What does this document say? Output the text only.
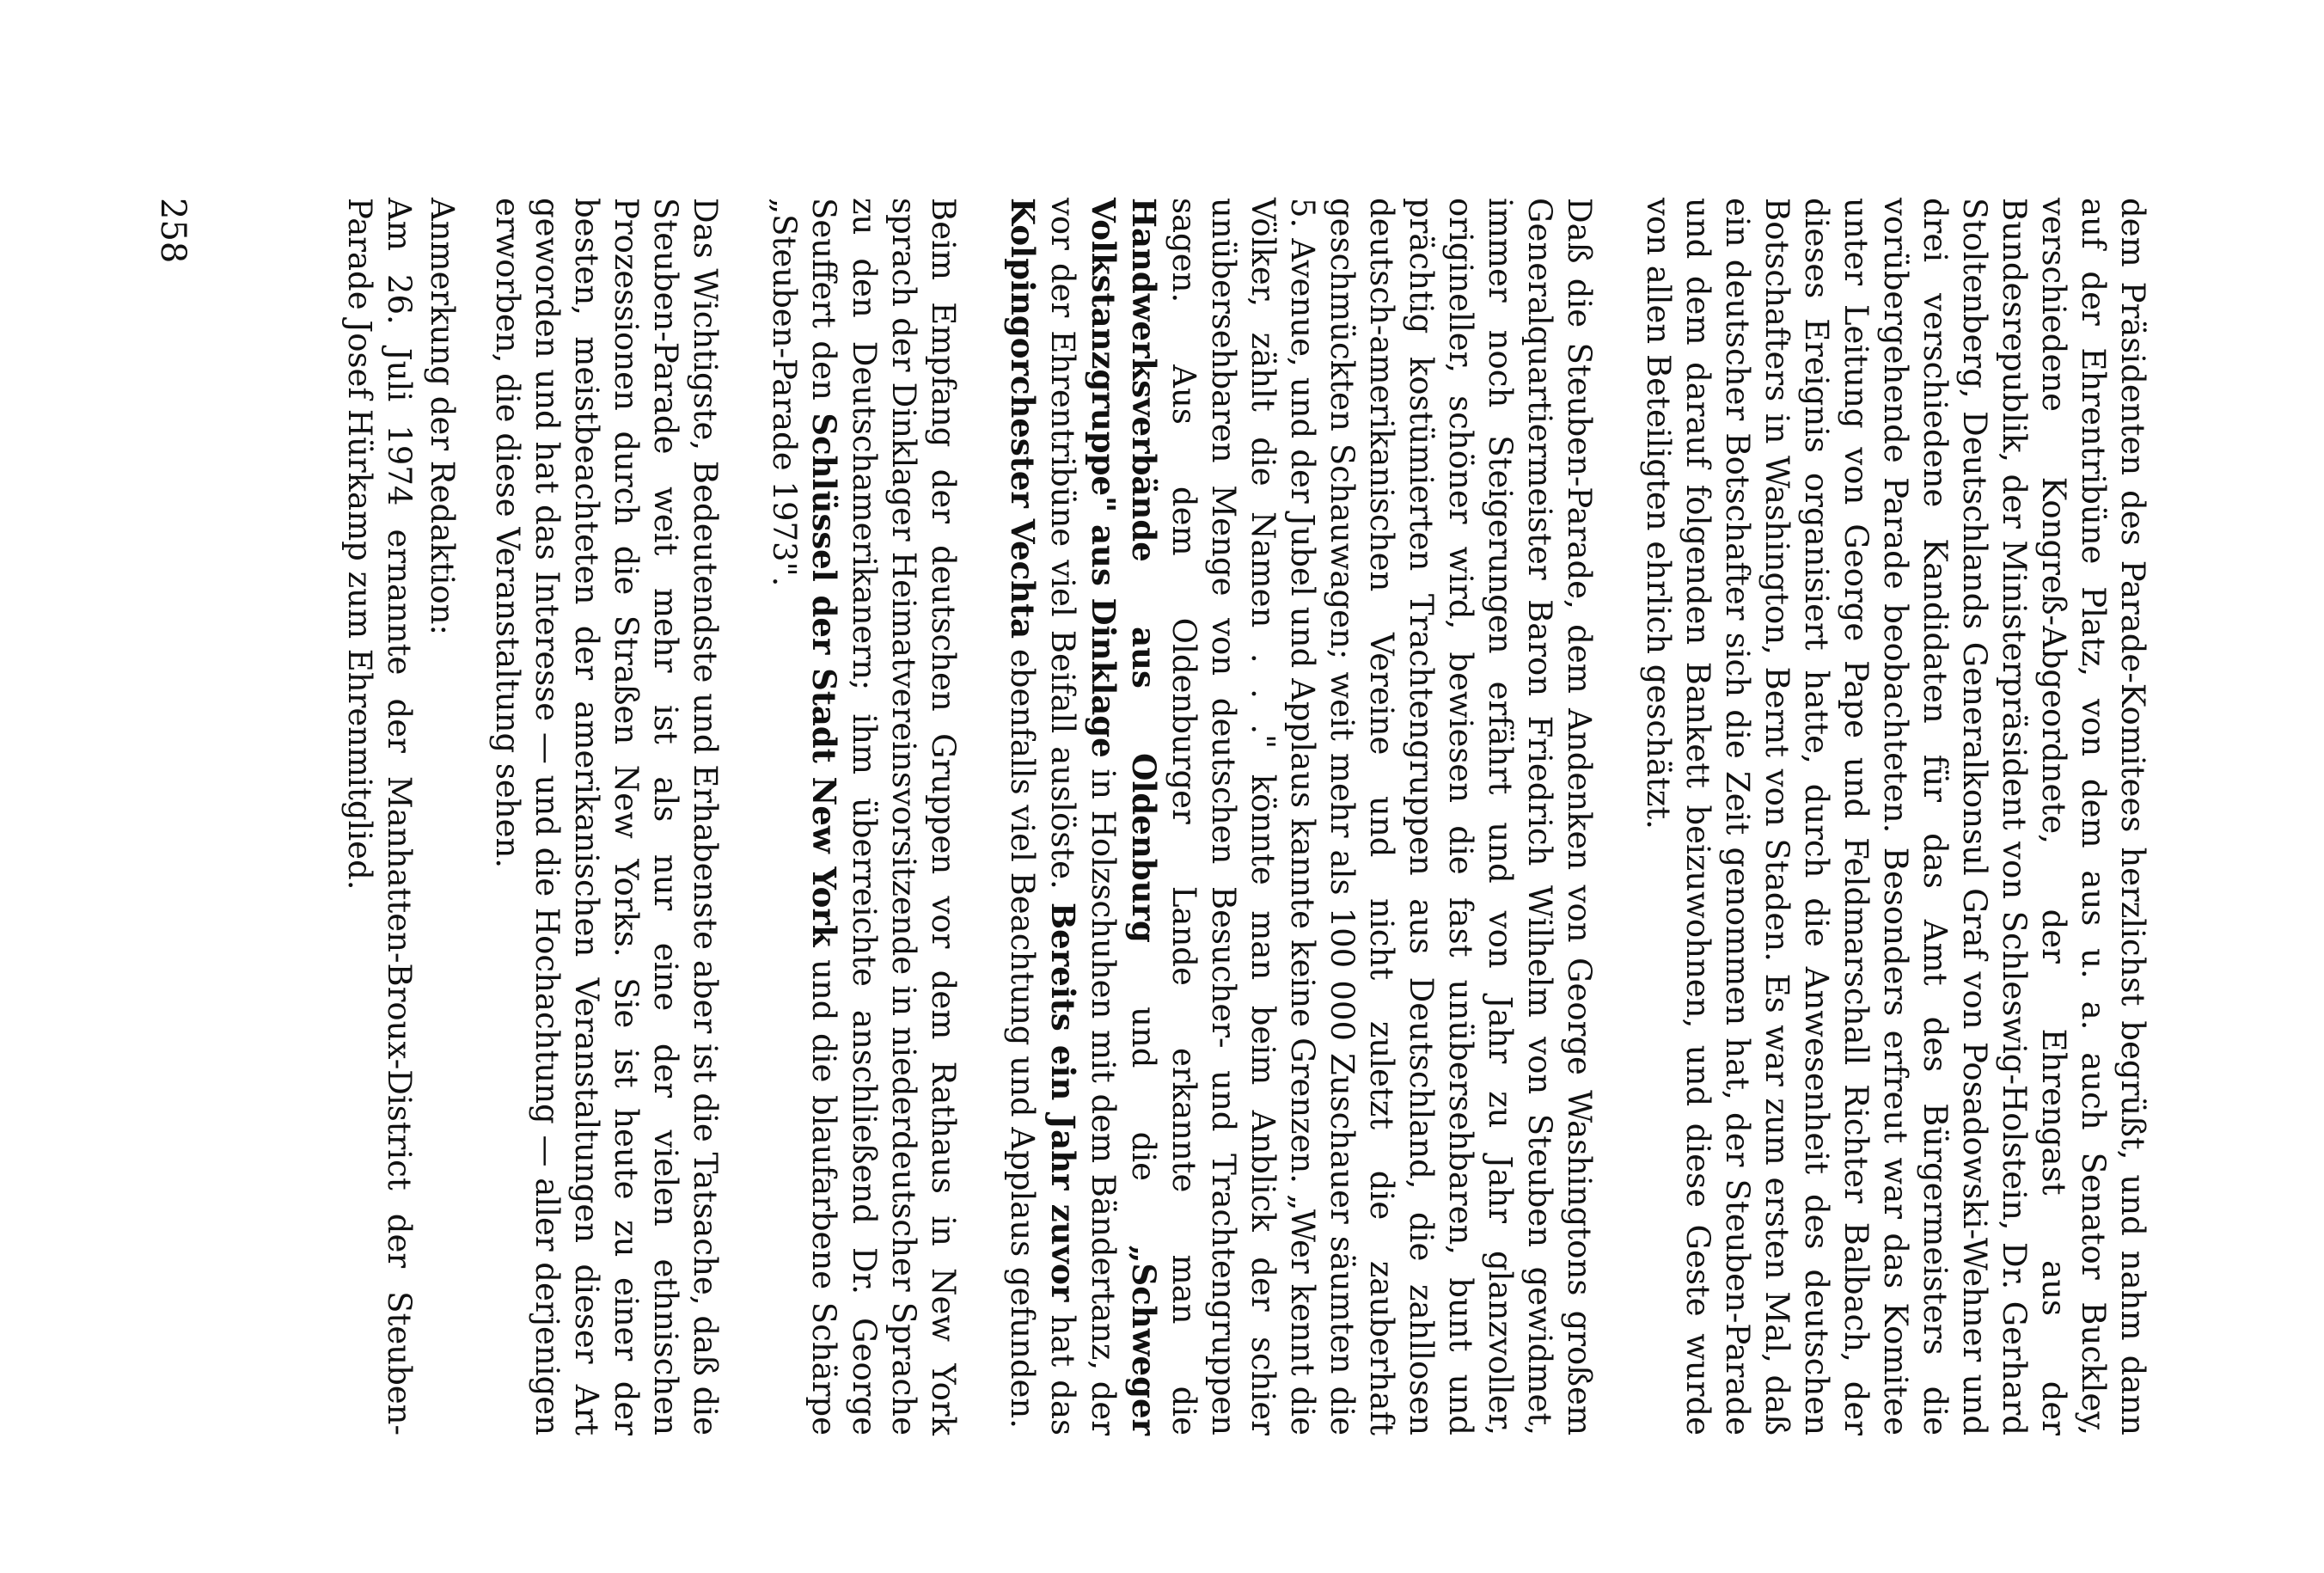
dem Präsidenten des Parade-Komitees herzlichst begrüßt, und nahm dann auf der Ehrentribüne Platz, von dem aus u. a. auch Senator Buckley, verschiedene Kongreß-Abgeordnete, der Ehrengast aus der Bundesrepublik, der Ministerpräsident von Schleswig-Holstein, Dr. Gerhard Stoltenberg, Deutschlands Generalkonsul Graf von Posadowski-Wehner und drei verschiedene Kandidaten für das Amt des Bürgermeisters die vorübergehende Parade beobachteten. Besonders erfreut war das Komitee unter Leitung von George Pape und Feldmarschall Richter Balbach, der dieses Ereignis organisiert hatte, durch die Anwesenheit des deutschen Botschafters in Washington, Bernt von Staden. Es war zum ersten Mal, daß ein deutscher Botschafter sich die Zeit genommen hat, der Steuben-Parade und dem darauf folgenden Bankett beizuwohnen, und diese Geste wurde von allen Beteiligten ehrlich geschätzt.

Daß die Steuben-Parade, dem Andenken von George Washingtons großem Generalquartiermeister Baron Friedrich Wilhelm von Steuben gewidmet, immer noch Steigerungen erfährt und von Jahr zu Jahr glanzvoller, origineller, schöner wird, bewiesen die fast unübersehbaren, bunt und prächtig kostümierten Trachtengruppen aus Deutschland, die zahllosen deutsch-amerikanischen Vereine und nicht zuletzt die zauberhaft geschmückten Schauwagen; weit mehr als 100 000 Zuschauer säumten die 5. Avenue, und der Jubel und Applaus kannte keine Grenzen. „Wer kennt die Völker, zählt die Namen . . ." könnte man beim Anblick der schier unübersehbaren Menge von deutschen Besucher- und Trachtengruppen sagen. Aus dem Oldenburger Lande erkannte man die Handwerksverbände aus Oldenburg und die „Schweger Volkstanzgruppe" aus Dinklage in Holzschuhen mit dem Bändertanz, der vor der Ehrentribüne viel Beifall auslöste. Bereits ein Jahr zuvor hat das Kolpingorchester Vechta ebenfalls viel Beachtung und Applaus gefunden.

Beim Empfang der deutschen Gruppen vor dem Rathaus in New York sprach der Dinklager Heimatvereinsvorsitzende in niederdeutscher Sprache zu den Deutschamerikanern; ihm überreichte anschließend Dr. George Seuffert den Schlüssel der Stadt New York und die blaufarbene Schärpe „Steuben-Parade 1973".

Das Wichtigste, Bedeutendste und Erhabenste aber ist die Tatsache, daß die Steuben-Parade weit mehr ist als nur eine der vielen ethnischen Prozessionen durch die Straßen New Yorks. Sie ist heute zu einer der besten, meistbeachteten der amerikanischen Veranstaltungen dieser Art geworden und hat das Interesse — und die Hochachtung — aller derjenigen erworben, die diese Veranstaltung sehen.

Anmerkung der Redaktion:

Am 26. Juli 1974 ernannte der Manhatten-Broux-District der Steuben-Parade Josef Hürkamp zum Ehrenmitglied.

258
